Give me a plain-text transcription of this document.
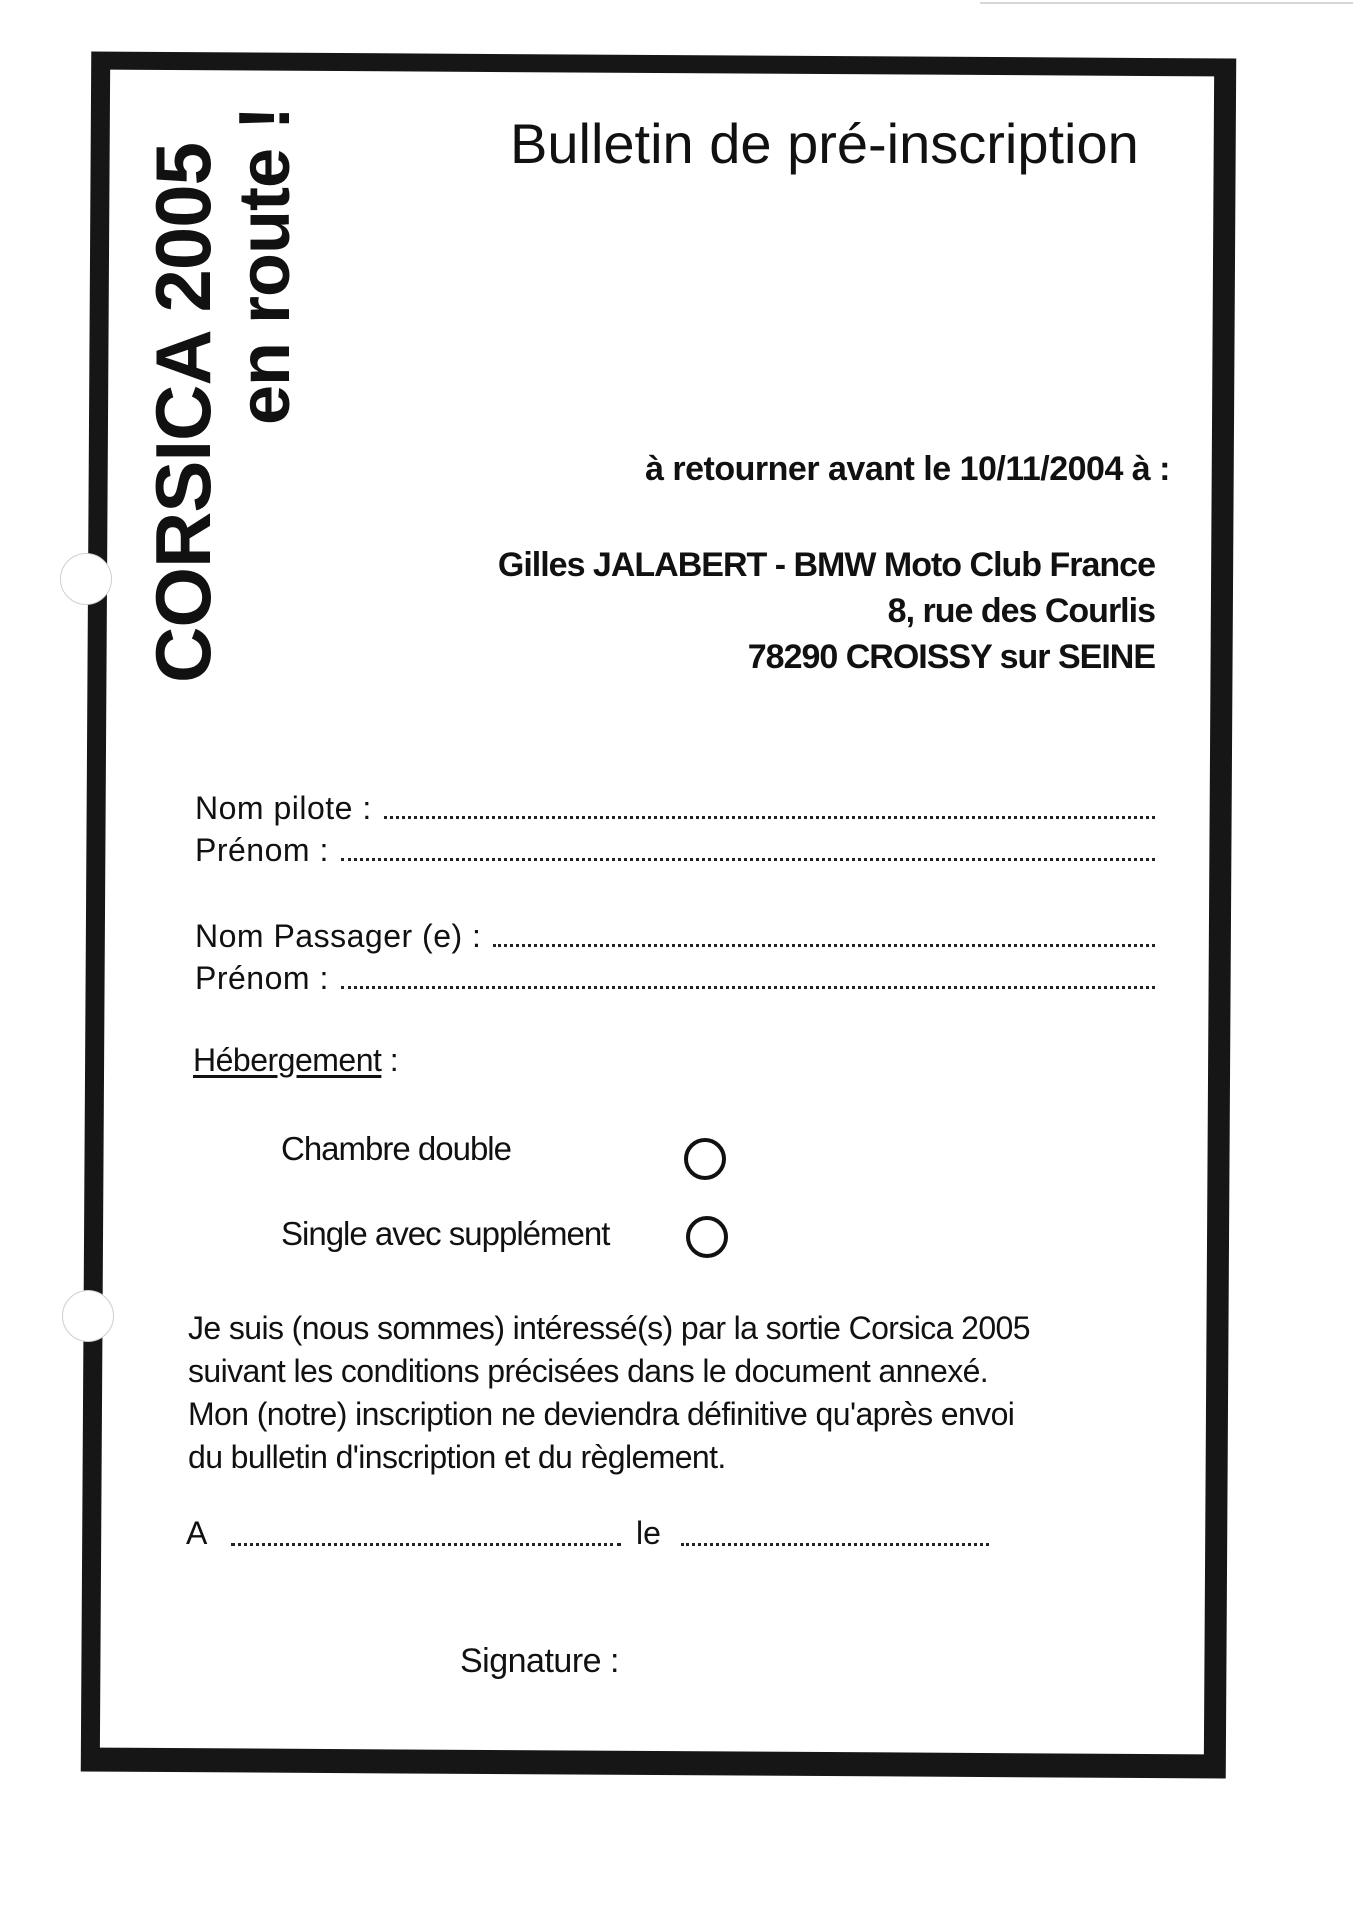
CORSICA 2005
en route !	Bulletin de pré-inscription
à retourner avant le 10/11/2004 à :
Gilles JALABERT - BMW Moto Club France
8, rue des Courlis
78290 CROISSY sur SEINE
Nom pilote :
Prénom :
Nom Passager (e) :
Prénom :
Hébergement :
Chambre double
Single avec supplément
Je suis (nous sommes) intéressé(s) par la sortie Corsica 2005
suivant les conditions précisées dans le document annexé.
Mon (notre) inscription ne deviendra définitive qu'après envoi
du bulletin d'inscription et du règlement.
A	le
Signature :
